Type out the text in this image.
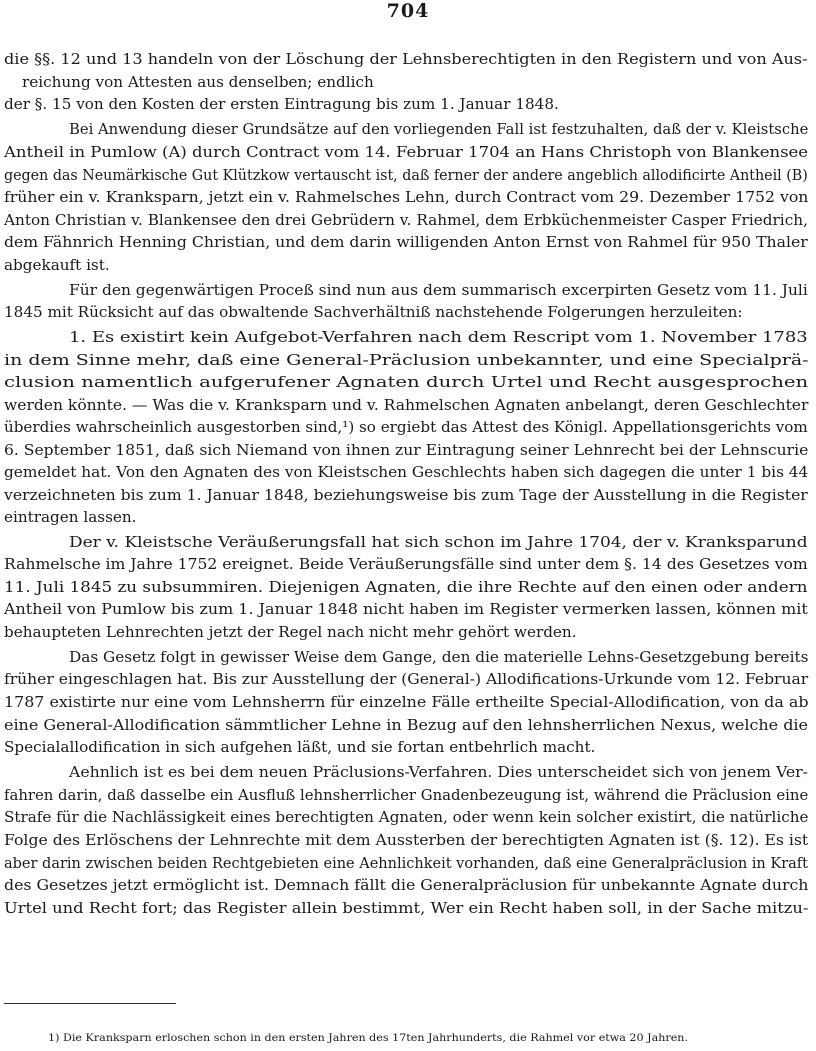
704
die §§. 12 und 13 handeln von der Löschung der Lehnsberechtigten in den Registern und von Aus-
reichung von Attesten aus denselben; endlich
der §. 15 von den Kosten der ersten Eintragung bis zum 1. Januar 1848.
Bei Anwendung dieser Grundsätze auf den vorliegenden Fall ist festzuhalten, daß der v. Kleistsche
Antheil in Pumlow (A) durch Contract vom 14. Februar 1704 an Hans Christoph von Blankensee
gegen das Neumärkische Gut Klützkow vertauscht ist, daß ferner der andere angeblich allodificirte Antheil (B)
früher ein v. Kranksparn, jetzt ein v. Rahmelsches Lehn, durch Contract vom 29. Dezember 1752 von
Anton Christian v. Blankensee den drei Gebrüdern v. Rahmel, dem Erbküchenmeister Casper Friedrich,
dem Fähnrich Henning Christian, und dem darin willigenden Anton Ernst von Rahmel für 950 Thaler
abgekauft ist.
Für den gegenwärtigen Proceß sind nun aus dem summarisch excerpirten Gesetz vom 11. Juli
1845 mit Rücksicht auf das obwaltende Sachverhältniß nachstehende Folgerungen herzuleiten:
1. Es existirt kein Aufgebot-Verfahren nach dem Rescript vom 1. November 1783
in dem Sinne mehr, daß eine General-Präclusion unbekannter, und eine Specialprä-
clusion namentlich aufgerufener Agnaten durch Urtel und Recht ausgesprochen
werden könnte. — Was die v. Kranksparn und v. Rahmelschen Agnaten anbelangt, deren Geschlechter
überdies wahrscheinlich ausgestorben sind,¹) so ergiebt das Attest des Königl. Appellationsgerichts vom
6. September 1851, daß sich Niemand von ihnen zur Eintragung seiner Lehnrecht bei der Lehnscurie
gemeldet hat. Von den Agnaten des von Kleistschen Geschlechts haben sich dagegen die unter 1 bis 44
verzeichneten bis zum 1. Januar 1848, beziehungsweise bis zum Tage der Ausstellung in die Register
eintragen lassen.
Der v. Kleistsche Veräußerungsfall hat sich schon im Jahre 1704, der v. Kranksparund
Rahmelsche im Jahre 1752 ereignet. Beide Veräußerungsfälle sind unter dem §. 14 des Gesetzes vom
11. Juli 1845 zu subsummiren. Diejenigen Agnaten, die ihre Rechte auf den einen oder andern
Antheil von Pumlow bis zum 1. Januar 1848 nicht haben im Register vermerken lassen, können mit
behaupteten Lehnrechten jetzt der Regel nach nicht mehr gehört werden.
Das Gesetz folgt in gewisser Weise dem Gange, den die materielle Lehns-Gesetzgebung bereits
früher eingeschlagen hat. Bis zur Ausstellung der (General-) Allodifications-Urkunde vom 12. Februar
1787 existirte nur eine vom Lehnsherrn für einzelne Fälle ertheilte Special-Allodification, von da ab
eine General-Allodification sämmtlicher Lehne in Bezug auf den lehnsherrlichen Nexus, welche die
Specialallodification in sich aufgehen läßt, und sie fortan entbehrlich macht.
Aehnlich ist es bei dem neuen Präclusions-Verfahren. Dies unterscheidet sich von jenem Ver-
fahren darin, daß dasselbe ein Ausfluß lehnsherrlicher Gnadenbezeugung ist, während die Präclusion eine
Strafe für die Nachlässigkeit eines berechtigten Agnaten, oder wenn kein solcher existirt, die natürliche
Folge des Erlöschens der Lehnrechte mit dem Aussterben der berechtigten Agnaten ist (§. 12). Es ist
aber darin zwischen beiden Rechtgebieten eine Aehnlichkeit vorhanden, daß eine Generalpräclusion in Kraft
des Gesetzes jetzt ermöglicht ist. Demnach fällt die Generalpräclusion für unbekannte Agnate durch
Urtel und Recht fort; das Register allein bestimmt, Wer ein Recht haben soll, in der Sache mitzu-
1) Die Kranksparn erloschen schon in den ersten Jahren des 17ten Jahrhunderts, die Rahmel vor etwa 20 Jahren.
